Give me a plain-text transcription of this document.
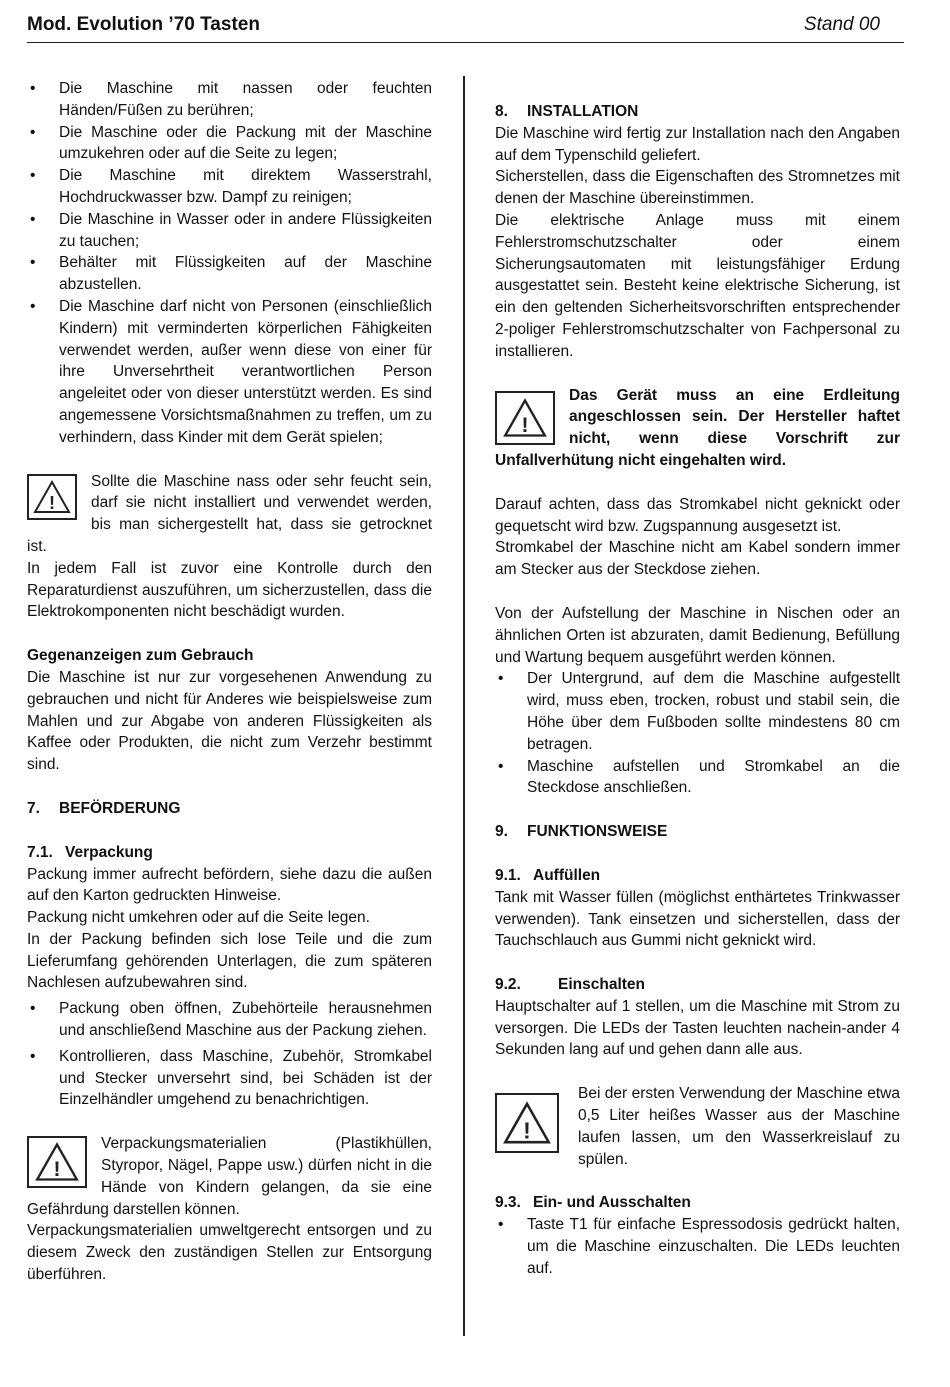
Mod. Evolution ’70 Tasten	Stand 00
• Die Maschine mit nassen oder feuchten Händen/Füßen zu berühren;
• Die Maschine oder die Packung mit der Maschine umzukehren oder auf die Seite zu legen;
• Die Maschine mit direktem Wasserstrahl, Hochdruckwasser bzw. Dampf zu reinigen;
• Die Maschine in Wasser oder in andere Flüssigkeiten zu tauchen;
• Behälter mit Flüssigkeiten auf der Maschine abzustellen.
• Die Maschine darf nicht von Personen (einschließlich Kindern) mit verminderten körperlichen Fähigkeiten verwendet werden, außer wenn diese von einer für ihre Unversehrtheit verantwortlichen Person angeleitet oder von dieser unterstützt werden. Es sind angemessene Vorsichtsmaßnahmen zu treffen, um zu verhindern, dass Kinder mit dem Gerät spielen;
!

Sollte die Maschine nass oder sehr feucht sein, darf sie nicht installiert und verwendet werden, bis man sichergestellt hat, dass sie getrocknet ist.

In jedem Fall ist zuvor eine Kontrolle durch den Reparaturdienst auszuführen, um sicherzustellen, dass die Elektrokomponenten nicht beschädigt wurden.

Gegenanzeigen zum Gebrauch

Die Maschine ist nur zur vorgesehenen Anwendung zu gebrauchen und nicht für Anderes wie beispielsweise zum Mahlen und zur Abgabe von anderen Flüssigkeiten als Kaffee oder Produkten, die nicht zum Verzehr bestimmt sind.

7. BEFÖRDERUNG

7.1. Verpackung

Packung immer aufrecht befördern, siehe dazu die außen auf den Karton gedruckten Hinweise.

Packung nicht umkehren oder auf die Seite legen.

In der Packung befinden sich lose Teile und die zum Lieferumfang gehörenden Unterlagen, die zum späteren Nachlesen aufzubewahren sind.

• Packung oben öffnen, Zubehörteile herausnehmen und anschließend Maschine aus der Packung ziehen.
• Kontrollieren, dass Maschine, Zubehör, Stromkabel und Stecker unversehrt sind, bei Schäden ist der Einzelhändler umgehend zu benachrichtigen.
!

Verpackungsmaterialien (Plastikhüllen, Styropor, Nägel, Pappe usw.) dürfen nicht in die Hände von Kindern gelangen, da sie eine Gefährdung darstellen können.

Verpackungsmaterialien umweltgerecht entsorgen und zu diesem Zweck den zuständigen Stellen zur Entsorgung überführen.

8. INSTALLATION

Die Maschine wird fertig zur Installation nach den Angaben auf dem Typenschild geliefert.

Sicherstellen, dass die Eigenschaften des Stromnetzes mit denen der Maschine übereinstimmen.

Die elektrische Anlage muss mit einem Fehlerstromschutzschalter oder einem Sicherungsautomaten mit leistungsfähiger Erdung ausgestattet sein. Besteht keine elektrische Sicherung, ist ein den geltenden Sicherheitsvorschriften entsprechender 2-poliger Fehlerstromschutzschalter von Fachpersonal zu installieren.

!

Das Gerät muss an eine Erdleitung angeschlossen sein. Der Hersteller haftet nicht, wenn diese Vorschrift zur Unfallverhütung nicht eingehalten wird.

Darauf achten, dass das Stromkabel nicht geknickt oder gequetscht wird bzw. Zugspannung ausgesetzt ist.

Stromkabel der Maschine nicht am Kabel sondern immer am Stecker aus der Steckdose ziehen.

Von der Aufstellung der Maschine in Nischen oder an ähnlichen Orten ist abzuraten, damit Bedienung, Befüllung und Wartung bequem ausgeführt werden können.

• Der Untergrund, auf dem die Maschine aufgestellt wird, muss eben, trocken, robust und stabil sein, die Höhe über dem Fußboden sollte mindestens 80 cm betragen.
• Maschine aufstellen und Stromkabel an die Steckdose anschließen.

9. FUNKTIONSWEISE

9.1. Auffüllen

Tank mit Wasser füllen (möglichst enthärtetes Trinkwasser verwenden). Tank einsetzen und sicherstellen, dass der Tauchschlauch aus Gummi nicht geknickt wird.

9.2. Einschalten

Hauptschalter auf 1 stellen, um die Maschine mit Strom zu versorgen. Die LEDs der Tasten leuchten nachein-ander 4 Sekunden lang auf und gehen dann alle aus.

!

Bei der ersten Verwendung der Maschine etwa 0,5 Liter heißes Wasser aus der Maschine laufen lassen, um den Wasserkreislauf zu spülen.

9.3. Ein- und Ausschalten

• Taste T1 für einfache Espressodosis gedrückt halten, um die Maschine einzuschalten. Die LEDs leuchten auf.
